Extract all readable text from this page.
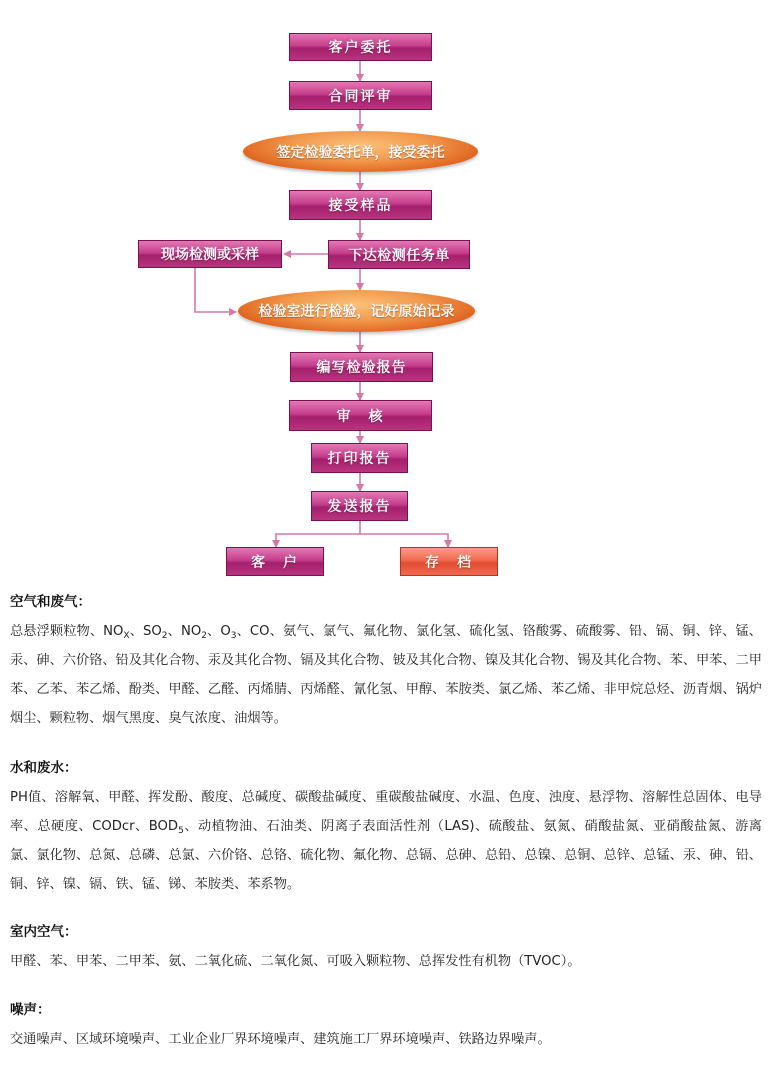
客户委托
合同评审
签定检验委托单，接受委托
接受样品
现场检测或采样	下达检测任务单
检验室进行检验，记好原始记录
编写检验报告
审　核
打印报告
发送报告
客　户	存　档
空气和废气：
总悬浮颗粒物、$NO_X$、$SO_2$、$NO_2$、$O_3$、CO、氨气、氯气、氟化物、氯化氢、硫化氢、铬酸雾、硫酸雾、铅、镉、铜、锌、锰、汞、砷、六价铬、铅及其化合物、汞及其化合物、镉及其化合物、铍及其化合物、镍及其化合物、锡及其化合物、苯、甲苯、二甲苯、乙苯、苯乙烯、酚类、甲醛、乙醛、丙烯腈、丙烯醛、氰化氢、甲醇、苯胺类、氯乙烯、苯乙烯、非甲烷总烃、沥青烟、锅炉烟尘、颗粒物、烟气黑度、臭气浓度、油烟等。
水和废水：
PH值、溶解氧、甲醛、挥发酚、酸度、总碱度、碳酸盐碱度、重碳酸盐碱度、水温、色度、浊度、悬浮物、溶解性总固体、电导率、总硬度、CODcr、$BOD_5$、动植物油、石油类、阴离子表面活性剂（LAS)、硫酸盐、氨氮、硝酸盐氮、亚硝酸盐氮、游离氯、氯化物、总氮、总磷、总氯、六价铬、总铬、硫化物、氟化物、总镉、总砷、总铅、总镍、总铜、总锌、总锰、汞、砷、铅、铜、锌、镍、镉、铁、锰、锑、苯胺类、苯系物。
室内空气：
甲醛、苯、甲苯、二甲苯、氨、二氧化硫、二氧化氮、可吸入颗粒物、总挥发性有机物（TVOC）。
噪声：
交通噪声、区域环境噪声、工业企业厂界环境噪声、建筑施工厂界环境噪声、铁路边界噪声。
